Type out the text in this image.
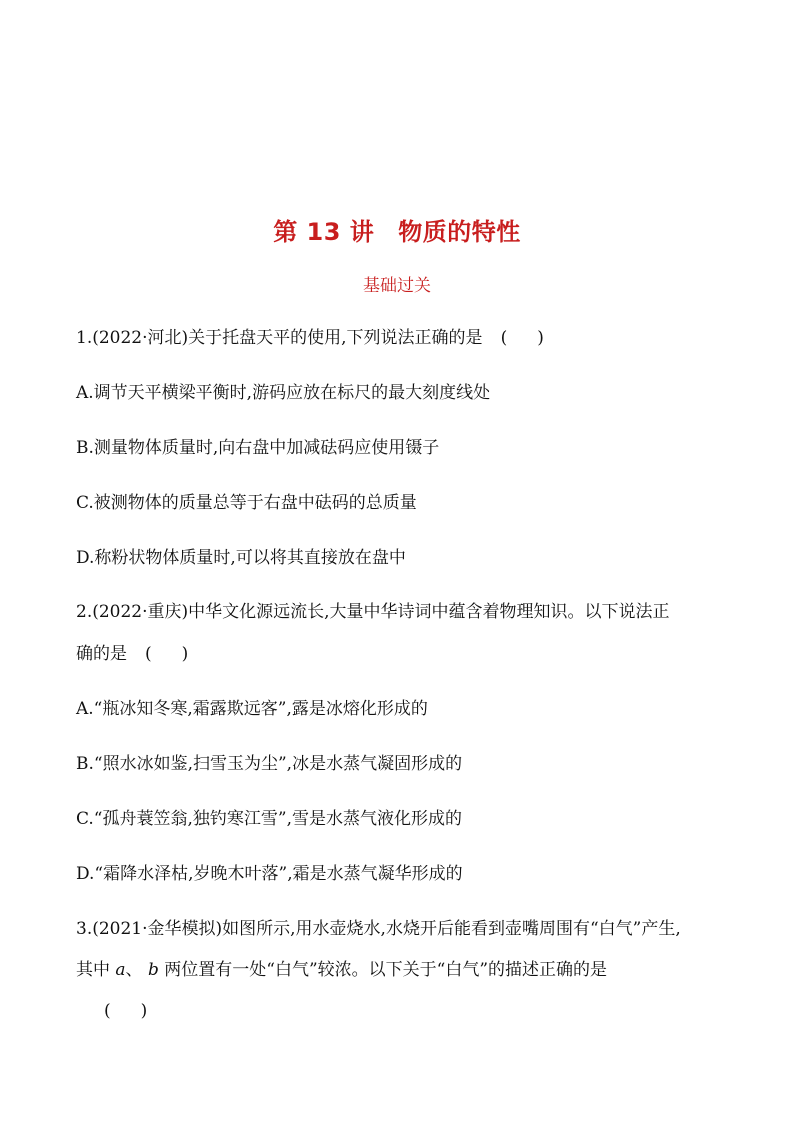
第 13 讲 物质的特性
基础过关
1.(2022·河北)关于托盘天平的使用,下列说法正确的是 ( )
A.调节天平横梁平衡时,游码应放在标尺的最大刻度线处
B.测量物体质量时,向右盘中加减砝码应使用镊子
C.被测物体的质量总等于右盘中砝码的总质量
D.称粉状物体质量时,可以将其直接放在盘中
2.(2022·重庆)中华文化源远流长,大量中华诗词中蕴含着物理知识。以下说法正
确的是 ( )
A.“瓶冰知冬寒,霜露欺远客”,露是冰熔化形成的
B.“照水冰如鉴,扫雪玉为尘”,冰是水蒸气凝固形成的
C.“孤舟蓑笠翁,独钓寒江雪”,雪是水蒸气液化形成的
D.“霜降水泽枯,岁晚木叶落”,霜是水蒸气凝华形成的
3.(2021·金华模拟)如图所示,用水壶烧水,水烧开后能看到壶嘴周围有“白气”产生,
其中 a、 b 两位置有一处“白气”较浓。以下关于“白气”的描述正确的是
( )
